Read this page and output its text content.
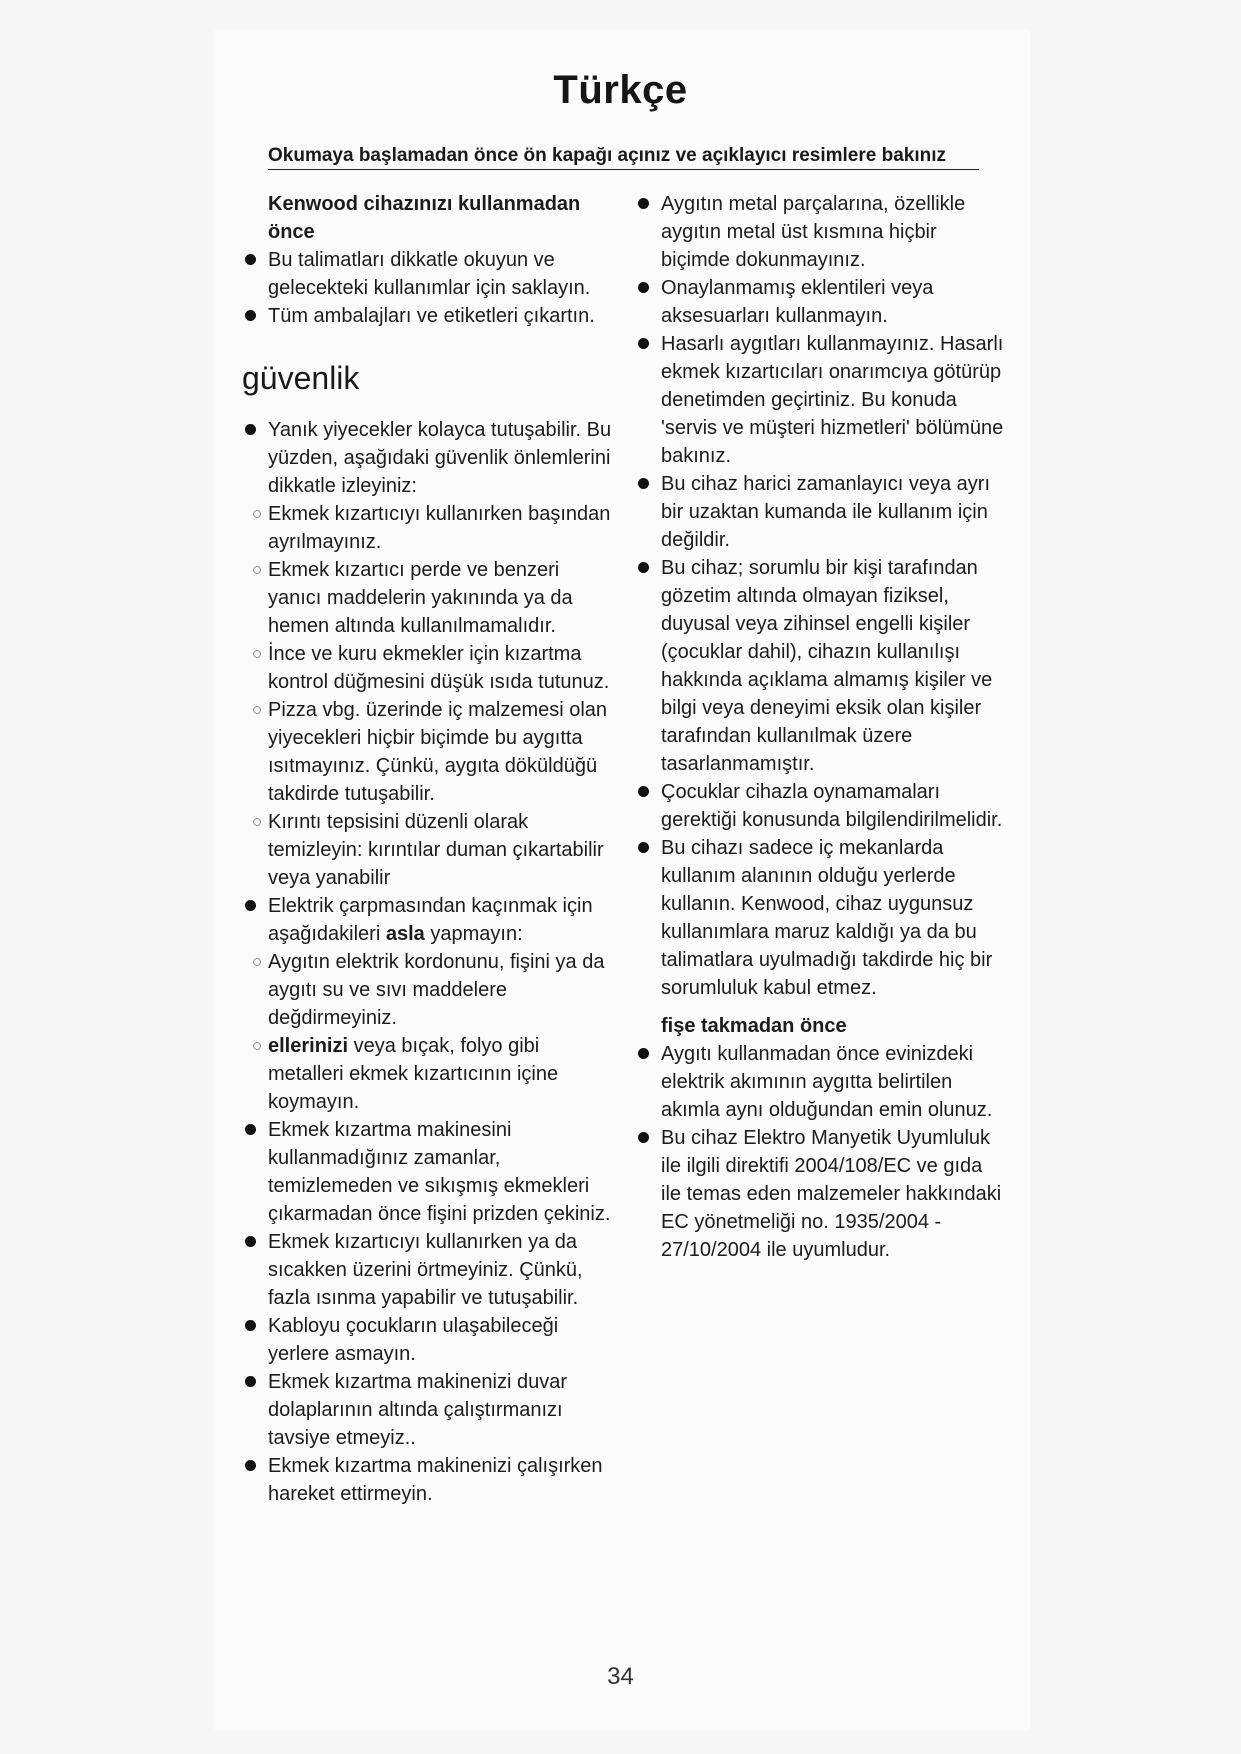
Türkçe
Okumaya başlamadan önce ön kapağı açınız ve açıklayıcı resimlere bakınız

Kenwood cihazınızı kullanmadan önce

Bu talimatları dikkatle okuyun ve gelecekteki kullanımlar için saklayın.

Tüm ambalajları ve etiketleri çıkartın.

güvenlik

Yanık yiyecekler kolayca tutuşabilir. Bu yüzden, aşağıdaki güvenlik önlemlerini dikkatle izleyiniz:

Ekmek kızartıcıyı kullanırken başından ayrılmayınız.

Ekmek kızartıcı perde ve benzeri yanıcı maddelerin yakınında ya da hemen altında kullanılmamalıdır.

İnce ve kuru ekmekler için kızartma kontrol düğmesini düşük ısıda tutunuz.

Pizza vbg. üzerinde iç malzemesi olan yiyecekleri hiçbir biçimde bu aygıtta ısıtmayınız. Çünkü, aygıta döküldüğü takdirde tutuşabilir.

Kırıntı tepsisini düzenli olarak temizleyin: kırıntılar duman çıkartabilir veya yanabilir

Elektrik çarpmasından kaçınmak için aşağıdakileri asla yapmayın:

Aygıtın elektrik kordonunu, fişini ya da aygıtı su ve sıvı maddelere değdirmeyiniz.

ellerinizi veya bıçak, folyo gibi metalleri ekmek kızartıcının içine koymayın.

Ekmek kızartma makinesini kullanmadığınız zamanlar, temizlemeden ve sıkışmış ekmekleri çıkarmadan önce fişini prizden çekiniz.

Ekmek kızartıcıyı kullanırken ya da sıcakken üzerini örtmeyiniz. Çünkü, fazla ısınma yapabilir ve tutuşabilir.

Kabloyu çocukların ulaşabileceği yerlere asmayın.

Ekmek kızartma makinenizi duvar dolaplarının altında çalıştırmanızı tavsiye etmeyiz..

Ekmek kızartma makinenizi çalışırken hareket ettirmeyin.

Aygıtın metal parçalarına, özellikle aygıtın metal üst kısmına hiçbir biçimde dokunmayınız.

Onaylanmamış eklentileri veya aksesuarları kullanmayın.

Hasarlı aygıtları kullanmayınız. Hasarlı ekmek kızartıcıları onarımcıya götürüp denetimden geçirtiniz. Bu konuda 'servis ve müşteri hizmetleri' bölümüne bakınız.

Bu cihaz harici zamanlayıcı veya ayrı bir uzaktan kumanda ile kullanım için değildir.

Bu cihaz; sorumlu bir kişi tarafından gözetim altında olmayan fiziksel, duyusal veya zihinsel engelli kişiler (çocuklar dahil), cihazın kullanılışı hakkında açıklama almamış kişiler ve bilgi veya deneyimi eksik olan kişiler tarafından kullanılmak üzere tasarlanmamıştır.

Çocuklar cihazla oynamamaları gerektiği konusunda bilgilendirilmelidir.

Bu cihazı sadece iç mekanlarda kullanım alanının olduğu yerlerde kullanın. Kenwood, cihaz uygunsuz kullanımlara maruz kaldığı ya da bu talimatlara uyulmadığı takdirde hiç bir sorumluluk kabul etmez.

fişe takmadan önce

Aygıtı kullanmadan önce evinizdeki elektrik akımının aygıtta belirtilen akımla aynı olduğundan emin olunuz.

Bu cihaz Elektro Manyetik Uyumluluk ile ilgili direktifi 2004/108/EC ve gıda ile temas eden malzemeler hakkındaki EC yönetmeliği no. 1935/2004 - 27/10/2004 ile uyumludur.

34
